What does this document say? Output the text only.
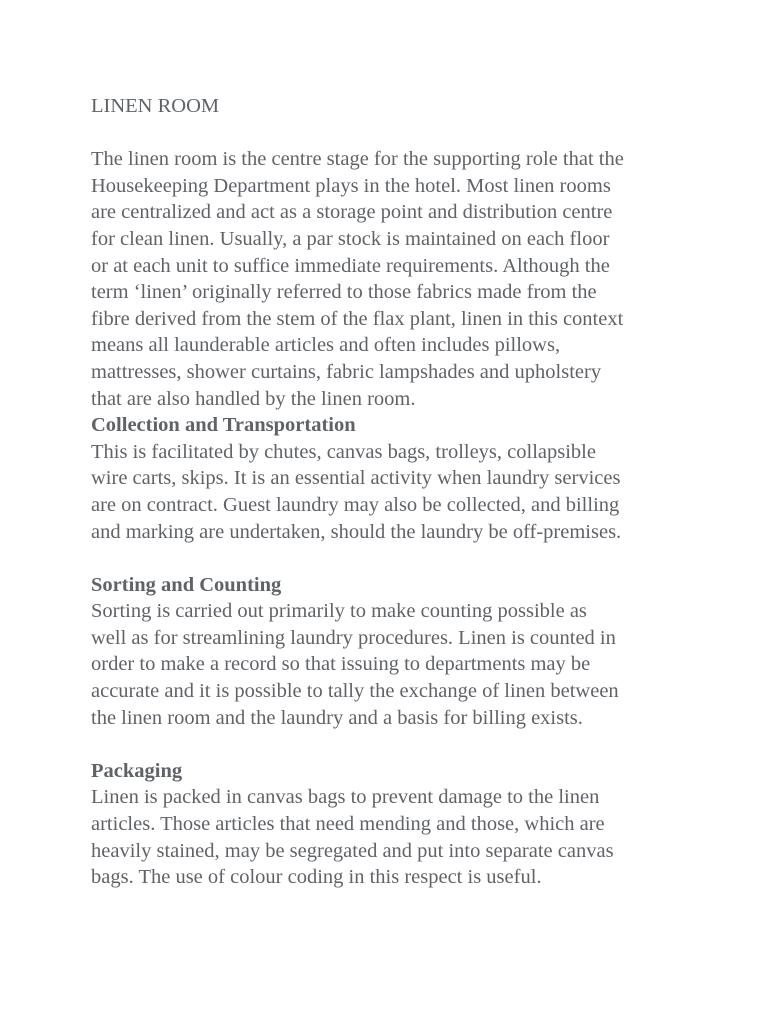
LINEN ROOM

The linen room is the centre stage for the supporting role that the
Housekeeping Department plays in the hotel. Most linen rooms
are centralized and act as a storage point and distribution centre
for clean linen. Usually, a par stock is maintained on each floor
or at each unit to suffice immediate requirements. Although the
term ‘linen’ originally referred to those fabrics made from the
fibre derived from the stem of the flax plant, linen in this context
means all launderable articles and often includes pillows,
mattresses, shower curtains, fabric lampshades and upholstery
that are also handled by the linen room.

Collection and Transportation

This is facilitated by chutes, canvas bags, trolleys, collapsible
wire carts, skips. It is an essential activity when laundry services
are on contract. Guest laundry may also be collected, and billing
and marking are undertaken, should the laundry be off-premises.

Sorting and Counting

Sorting is carried out primarily to make counting possible as
well as for streamlining laundry procedures. Linen is counted in
order to make a record so that issuing to departments may be
accurate and it is possible to tally the exchange of linen between
the linen room and the laundry and a basis for billing exists.

Packaging

Linen is packed in canvas bags to prevent damage to the linen
articles. Those articles that need mending and those, which are
heavily stained, may be segregated and put into separate canvas
bags. The use of colour coding in this respect is useful.
